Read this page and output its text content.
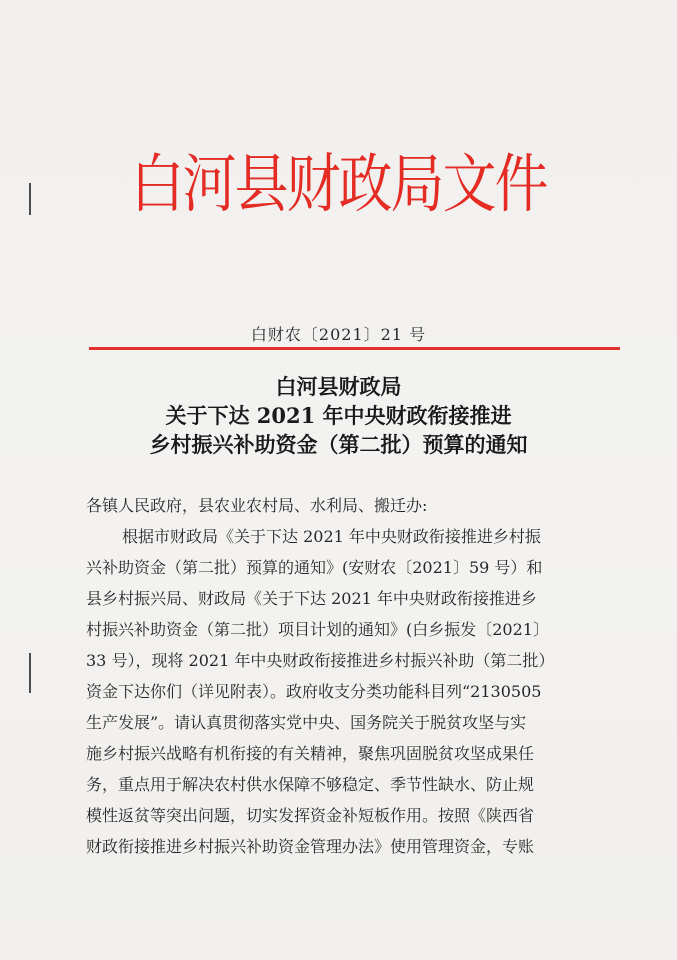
白河县财政局文件
白财农〔2021〕21 号
白河县财政局
关于下达 2021 年中央财政衔接推进
乡村振兴补助资金（第二批）预算的通知
各镇人民政府，县农业农村局、水利局、搬迁办:
根据市财政局《关于下达 2021 年中央财政衔接推进乡村振
兴补助资金（第二批）预算的通知》(安财农〔2021〕59 号）和
县乡村振兴局、财政局《关于下达 2021 年中央财政衔接推进乡
村振兴补助资金（第二批）项目计划的通知》(白乡振发〔2021〕
33 号），现将 2021 年中央财政衔接推进乡村振兴补助（第二批）
资金下达你们（详见附表）。政府收支分类功能科目列“2130505
生产发展”。请认真贯彻落实党中央、国务院关于脱贫攻坚与实
施乡村振兴战略有机衔接的有关精神，聚焦巩固脱贫攻坚成果任
务，重点用于解决农村供水保障不够稳定、季节性缺水、防止规
模性返贫等突出问题，切实发挥资金补短板作用。按照《陕西省
财政衔接推进乡村振兴补助资金管理办法》使用管理资金，专账
